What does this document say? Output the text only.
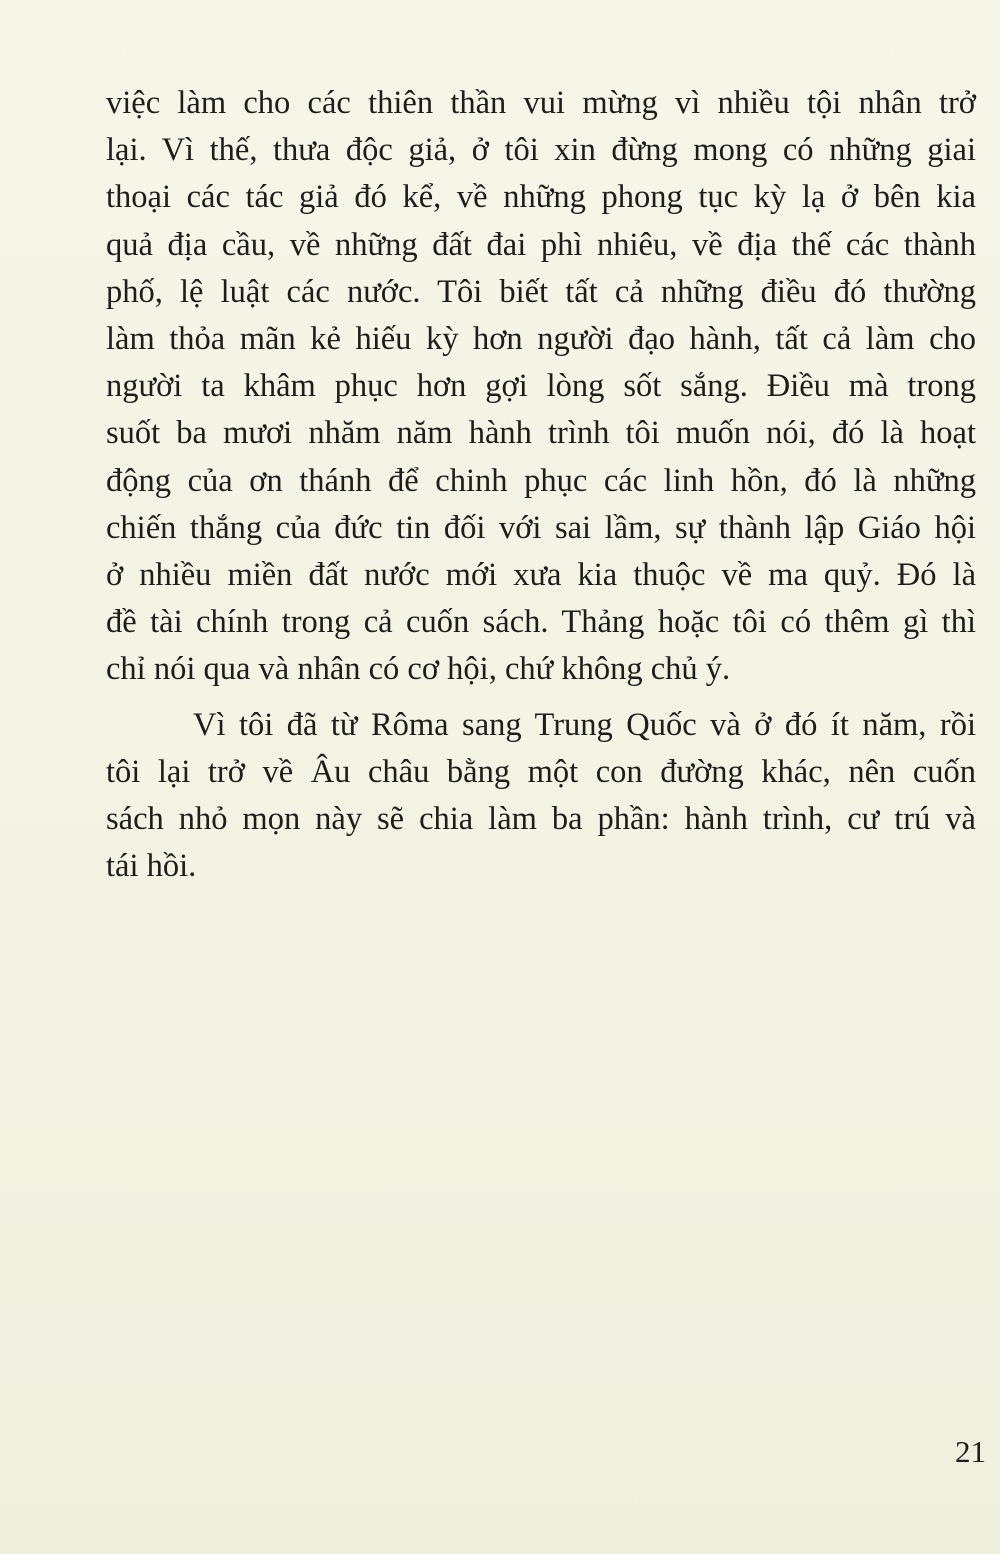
việc làm cho các thiên thần vui mừng vì nhiều tội nhân trở
lại. Vì thế, thưa độc giả, ở tôi xin đừng mong có những giai
thoại các tác giả đó kể, về những phong tục kỳ lạ ở bên kia
quả địa cầu, về những đất đai phì nhiêu, về địa thế các thành
phố, lệ luật các nước. Tôi biết tất cả những điều đó thường
làm thỏa mãn kẻ hiếu kỳ hơn người đạo hành, tất cả làm cho
người ta khâm phục hơn gợi lòng sốt sắng. Điều mà trong
suốt ba mươi nhăm năm hành trình tôi muốn nói, đó là hoạt
động của ơn thánh để chinh phục các linh hồn, đó là những
chiến thắng của đức tin đối với sai lầm, sự thành lập Giáo hội
ở nhiều miền đất nước mới xưa kia thuộc về ma quỷ. Đó là
đề tài chính trong cả cuốn sách. Thảng hoặc tôi có thêm gì thì
chỉ nói qua và nhân có cơ hội, chứ không chủ ý.

Vì tôi đã từ Rôma sang Trung Quốc và ở đó ít năm, rồi
tôi lại trở về Âu châu bằng một con đường khác, nên cuốn
sách nhỏ mọn này sẽ chia làm ba phần: hành trình, cư trú và
tái hồi.

21
